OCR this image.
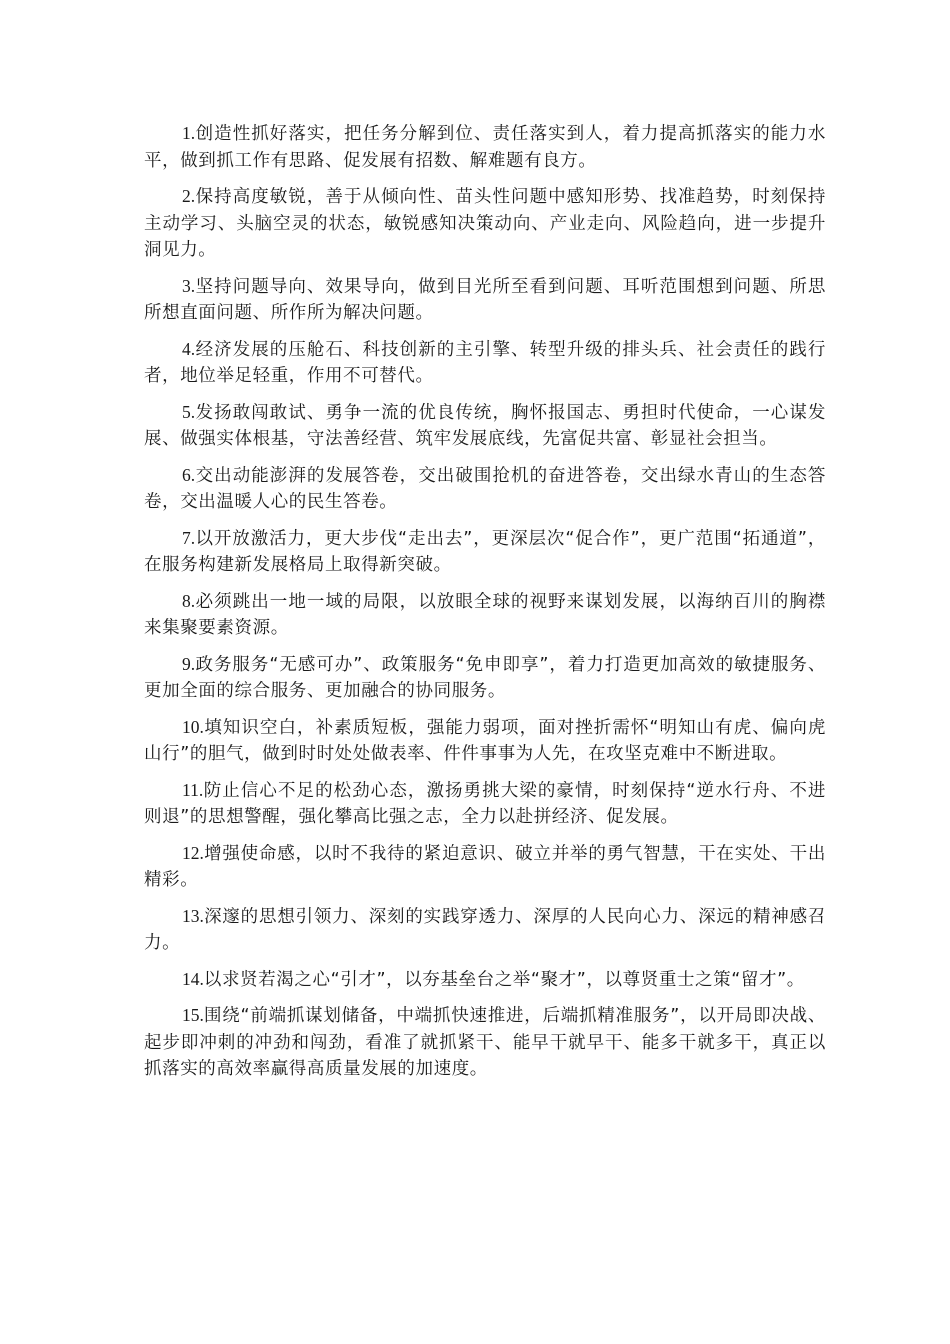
1.创造性抓好落实，把任务分解到位、责任落实到人，着力提高抓落实的能力水平，做到抓工作有思路、促发展有招数、解难题有良方。

2.保持高度敏锐，善于从倾向性、苗头性问题中感知形势、找准趋势，时刻保持主动学习、头脑空灵的状态，敏锐感知决策动向、产业走向、风险趋向，进一步提升洞见力。

3.坚持问题导向、效果导向，做到目光所至看到问题、耳听范围想到问题、所思所想直面问题、所作所为解决问题。

4.经济发展的压舱石、科技创新的主引擎、转型升级的排头兵、社会责任的践行者，地位举足轻重，作用不可替代。

5.发扬敢闯敢试、勇争一流的优良传统，胸怀报国志、勇担时代使命，一心谋发展、做强实体根基，守法善经营、筑牢发展底线，先富促共富、彰显社会担当。

6.交出动能澎湃的发展答卷，交出破围抢机的奋进答卷，交出绿水青山的生态答卷，交出温暖人心的民生答卷。

7.以开放激活力，更大步伐“走出去”，更深层次“促合作”，更广范围“拓通道”，在服务构建新发展格局上取得新突破。

8.必须跳出一地一域的局限，以放眼全球的视野来谋划发展，以海纳百川的胸襟来集聚要素资源。

9.政务服务“无感可办”、政策服务“免申即享”，着力打造更加高效的敏捷服务、更加全面的综合服务、更加融合的协同服务。

10.填知识空白，补素质短板，强能力弱项，面对挫折需怀“明知山有虎、偏向虎山行”的胆气，做到时时处处做表率、件件事事为人先，在攻坚克难中不断进取。

11.防止信心不足的松劲心态，激扬勇挑大梁的豪情，时刻保持“逆水行舟、不进则退”的思想警醒，强化攀高比强之志，全力以赴拼经济、促发展。

12.增强使命感，以时不我待的紧迫意识、破立并举的勇气智慧，干在实处、干出精彩。

13.深邃的思想引领力、深刻的实践穿透力、深厚的人民向心力、深远的精神感召力。

14.以求贤若渴之心“引才”，以夯基垒台之举“聚才”，以尊贤重士之策“留才”。

15.围绕“前端抓谋划储备，中端抓快速推进，后端抓精准服务”，以开局即决战、起步即冲刺的冲劲和闯劲，看准了就抓紧干、能早干就早干、能多干就多干，真正以抓落实的高效率赢得高质量发展的加速度。
